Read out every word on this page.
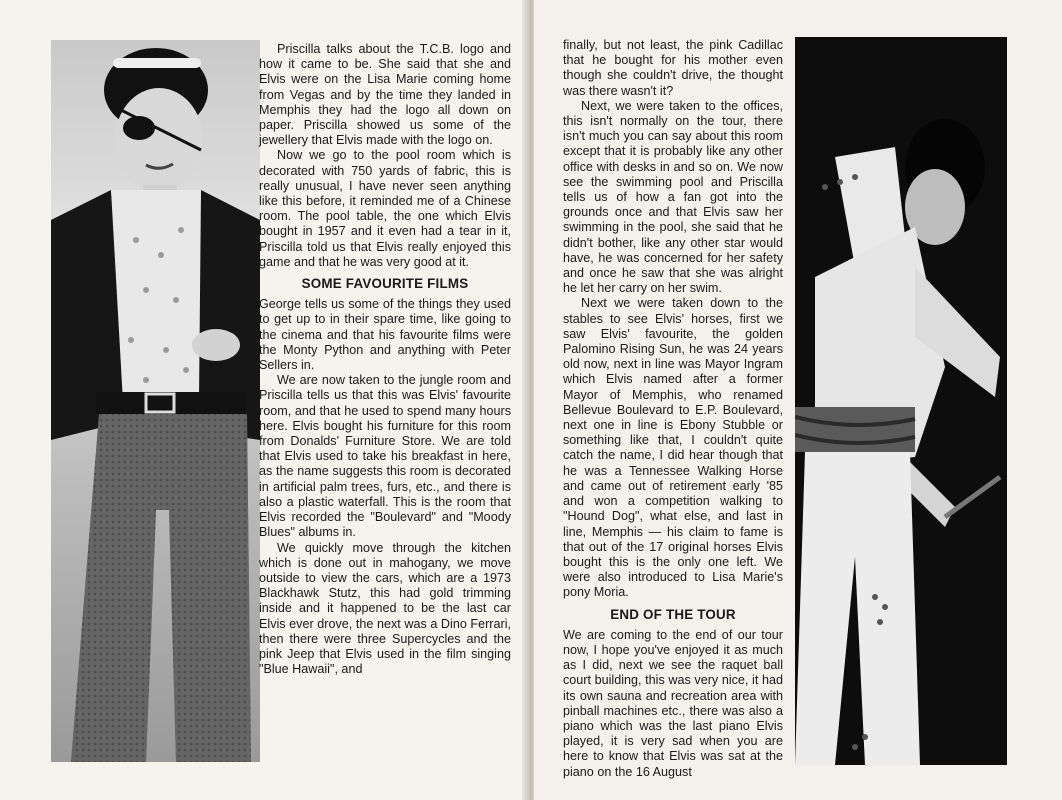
Priscilla talks about the T.C.B. logo and how it came to be. She said that she and Elvis were on the Lisa Marie coming home from Vegas and by the time they landed in Memphis they had the logo all down on paper. Priscilla showed us some of the jewellery that Elvis made with the logo on.

Now we go to the pool room which is decorated with 750 yards of fabric, this is really unusual, I have never seen anything like this before, it reminded me of a Chinese room. The pool table, the one which Elvis bought in 1957 and it even had a tear in it, Priscilla told us that Elvis really enjoyed this game and that he was very good at it.

SOME FAVOURITE FILMS

George tells us some of the things they used to get up to in their spare time, like going to the cinema and that his favourite films were the Monty Python and anything with Peter Sellers in.

We are now taken to the jungle room and Priscilla tells us that this was Elvis' favourite room, and that he used to spend many hours here. Elvis bought his furniture for this room from Donalds' Furniture Store. We are told that Elvis used to take his breakfast in here, as the name suggests this room is decorated in artificial palm trees, furs, etc., and there is also a plastic waterfall. This is the room that Elvis recorded the "Boulevard" and "Moody Blues" albums in.

We quickly move through the kitchen which is done out in mahogany, we move outside to view the cars, which are a 1973 Blackhawk Stutz, this had gold trimming inside and it happened to be the last car Elvis ever drove, the next was a Dino Ferrari, then there were three Supercycles and the pink Jeep that Elvis used in the film singing "Blue Hawaii", and

finally, but not least, the pink Cadillac that he bought for his mother even though she couldn't drive, the thought was there wasn't it?

Next, we were taken to the offices, this isn't normally on the tour, there isn't much you can say about this room except that it is probably like any other office with desks in and so on. We now see the swimming pool and Priscilla tells us of how a fan got into the grounds once and that Elvis saw her swimming in the pool, she said that he didn't bother, like any other star would have, he was concerned for her safety and once he saw that she was alright he let her carry on her swim.

Next we were taken down to the stables to see Elvis' horses, first we saw Elvis' favourite, the golden Palomino Rising Sun, he was 24 years old now, next in line was Mayor Ingram which Elvis named after a former Mayor of Memphis, who renamed Bellevue Boulevard to E.P. Boulevard, next one in line is Ebony Stubble or something like that, I couldn't quite catch the name, I did hear though that he was a Tennessee Walking Horse and came out of retirement early '85 and won a competition walking to "Hound Dog", what else, and last in line, Memphis — his claim to fame is that out of the 17 original horses Elvis bought this is the only one left. We were also introduced to Lisa Marie's pony Moria.

END OF THE TOUR

We are coming to the end of our tour now, I hope you've enjoyed it as much as I did, next we see the raquet ball court building, this was very nice, it had its own sauna and recreation area with pinball machines etc., there was also a piano which was the last piano Elvis played, it is very sad when you are here to know that Elvis was sat at the piano on the 16 August
